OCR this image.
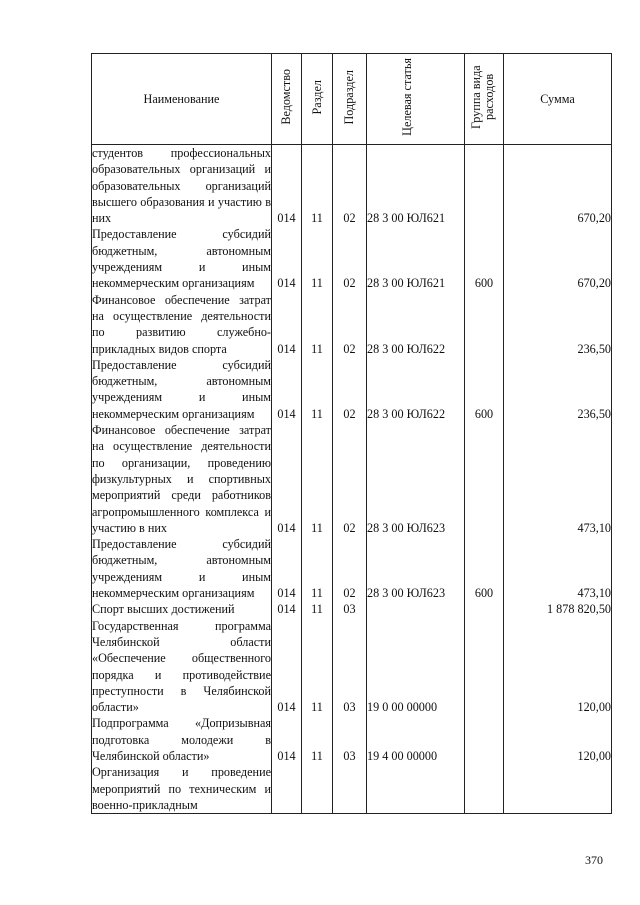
Наименование	Ведомство	Раздел	Подраздел	Целевая статья	Группа вида расходов	Сумма
студентов профессиональных образовательных организаций и образовательных организаций высшего образования и участию в них	014	11	02	28 3 00 ЮЛ621		670,20
Предоставление субсидий бюджетным, автономным учреждениям и иным некоммерческим организациям	014	11	02	28 3 00 ЮЛ621	600	670,20
Финансовое обеспечение затрат на осуществление деятельности по развитию служебно-прикладных видов спорта	014	11	02	28 3 00 ЮЛ622		236,50
Предоставление субсидий бюджетным, автономным учреждениям и иным некоммерческим организациям	014	11	02	28 3 00 ЮЛ622	600	236,50
Финансовое обеспечение затрат на осуществление деятельности по организации, проведению физкультурных и спортивных мероприятий среди работников агропромышленного комплекса и участию в них	014	11	02	28 3 00 ЮЛ623		473,10
Предоставление субсидий бюджетным, автономным учреждениям и иным некоммерческим организациям	014	11	02	28 3 00 ЮЛ623	600	473,10
Спорт высших достижений	014	11	03			1 878 820,50
Государственная программа Челябинской области «Обеспечение общественного порядка и противодействие преступности в Челябинской области»	014	11	03	19 0 00 00000		120,00
Подпрограмма «Допризывная подготовка молодежи в Челябинской области»	014	11	03	19 4 00 00000		120,00
Организация и проведение мероприятий по техническим и военно-прикладным						
370
